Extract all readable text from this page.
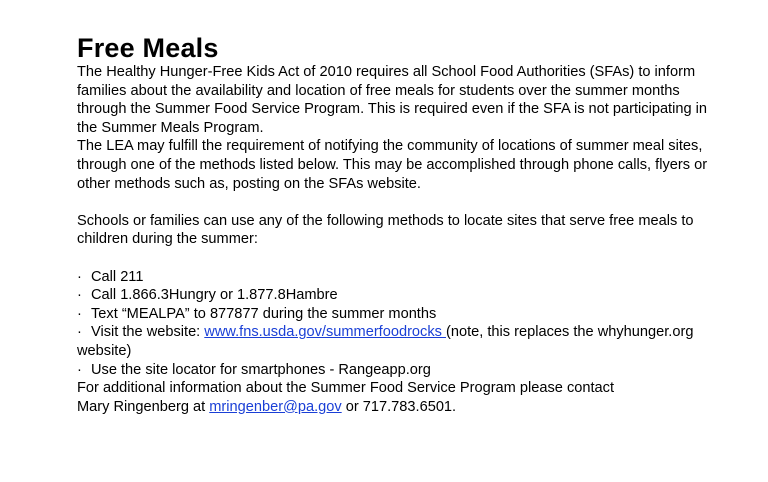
Free Meals

The Healthy Hunger-Free Kids Act of 2010 requires all School Food Authorities (SFAs) to inform families about the availability and location of free meals for students over the summer months through the Summer Food Service Program. This is required even if the SFA is not participating in the Summer Meals Program.

The LEA may fulfill the requirement of notifying the community of locations of summer meal sites, through one of the methods listed below. This may be accomplished through phone calls, flyers or other methods such as, posting on the SFAs website.

Schools or families can use any of the following methods to locate sites that serve free meals to children during the summer:

· Call 211
· Call 1.866.3Hungry or 1.877.8Hambre
· Text “MEALPA” to 877877 during the summer months
· Visit the website: www.fns.usda.gov/summerfoodrocks (note, this replaces the whyhunger.org website)
· Use the site locator for smartphones - Rangeapp.org

For additional information about the Summer Food Service Program please contact
Mary Ringenberg at mringenber@pa.gov or 717.783.6501.
